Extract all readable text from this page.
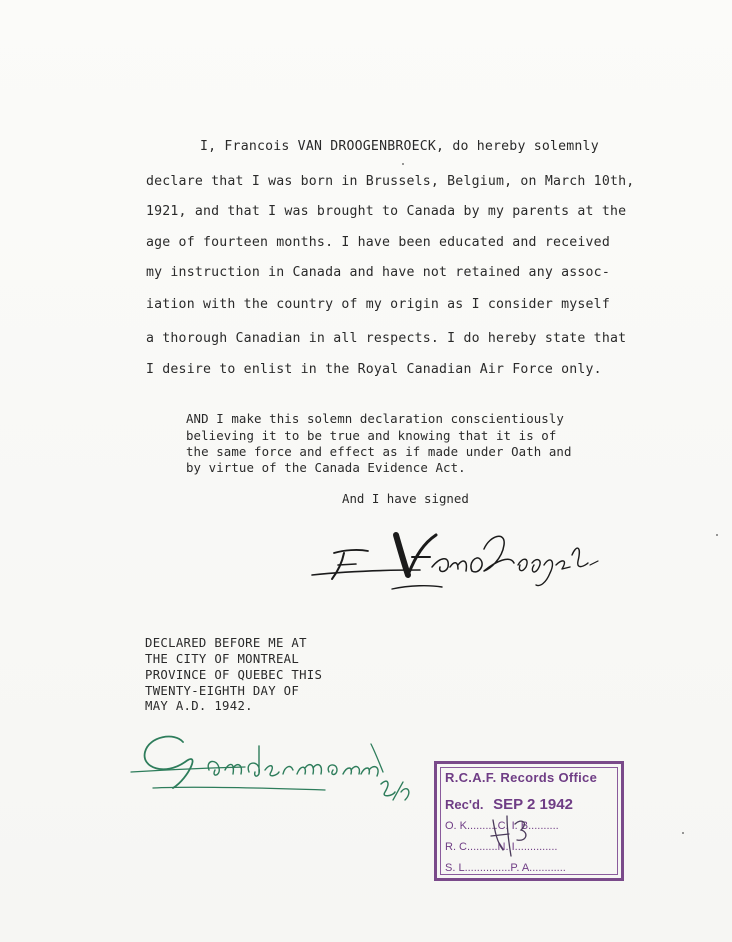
I, Francois VAN DROOGENBROECK, do hereby solemnly
declare that I was born in Brussels, Belgium, on March 10th,
1921, and that I was brought to Canada by my parents at the
age of fourteen months. I have been educated and received
my instruction in Canada and have not retained any assoc-
iation with the country of my origin as I consider myself
a thorough Canadian in all respects. I do hereby state that
I desire to enlist in the Royal Canadian Air Force only.
AND I make this solemn declaration conscientiously
believing it to be true and knowing that it is of
the same force and effect as if made under Oath and
by virtue of the Canada Evidence Act.
And I have signed
DECLARED BEFORE ME AT
THE CITY OF MONTREAL
PROVINCE OF QUEBEC THIS
TWENTY-EIGHTH DAY OF
MAY A.D. 1942.
R.C.A.F. Records Office
Rec'd. SEP 2 1942
O. K..........C. I. B..........
R. C..........N. I..............
S. L...............P. A............
